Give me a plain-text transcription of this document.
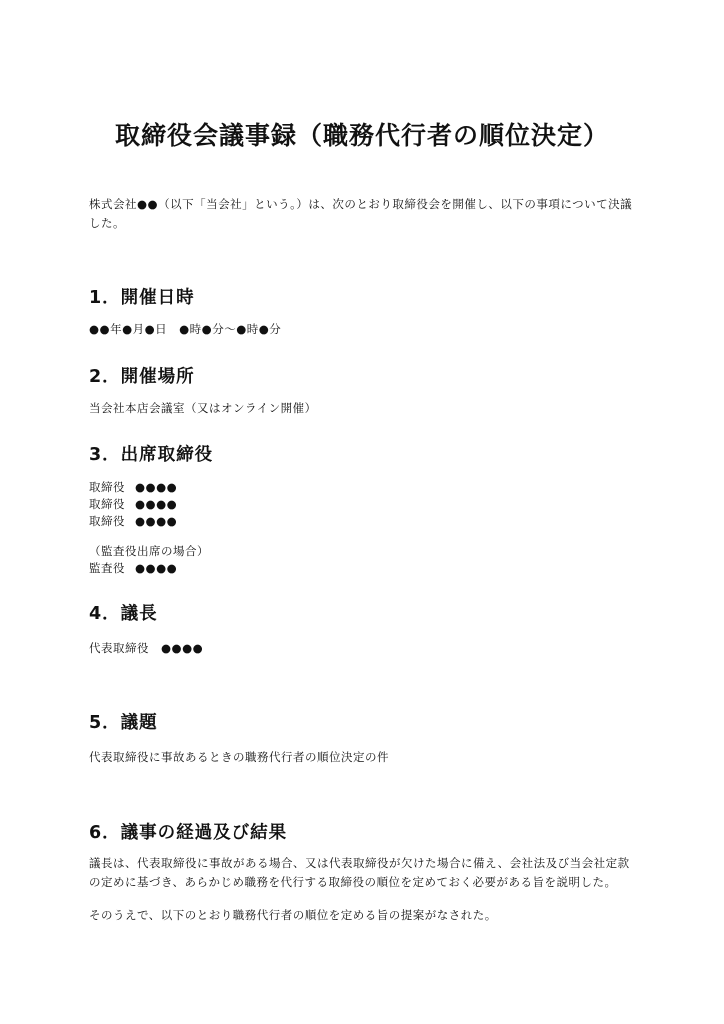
取締役会議事録（職務代行者の順位決定）

株式会社●●（以下「当会社」という。）は、次のとおり取締役会を開催し、以下の事項について決議した。

1．開催日時

●●年●月●日　●時●分～●時●分

2．開催場所

当会社本店会議室（又はオンライン開催）

3．出席取締役

取締役 ●●●●

取締役 ●●●●

取締役 ●●●●

（監査役出席の場合）

監査役 ●●●●

4．議長

代表取締役 ●●●●

5．議題

代表取締役に事故あるときの職務代行者の順位決定の件

6．議事の経過及び結果

議長は、代表取締役に事故がある場合、又は代表取締役が欠けた場合に備え、会社法及び当会社定款の定めに基づき、あらかじめ職務を代行する取締役の順位を定めておく必要がある旨を説明した。

そのうえで、以下のとおり職務代行者の順位を定める旨の提案がなされた。
